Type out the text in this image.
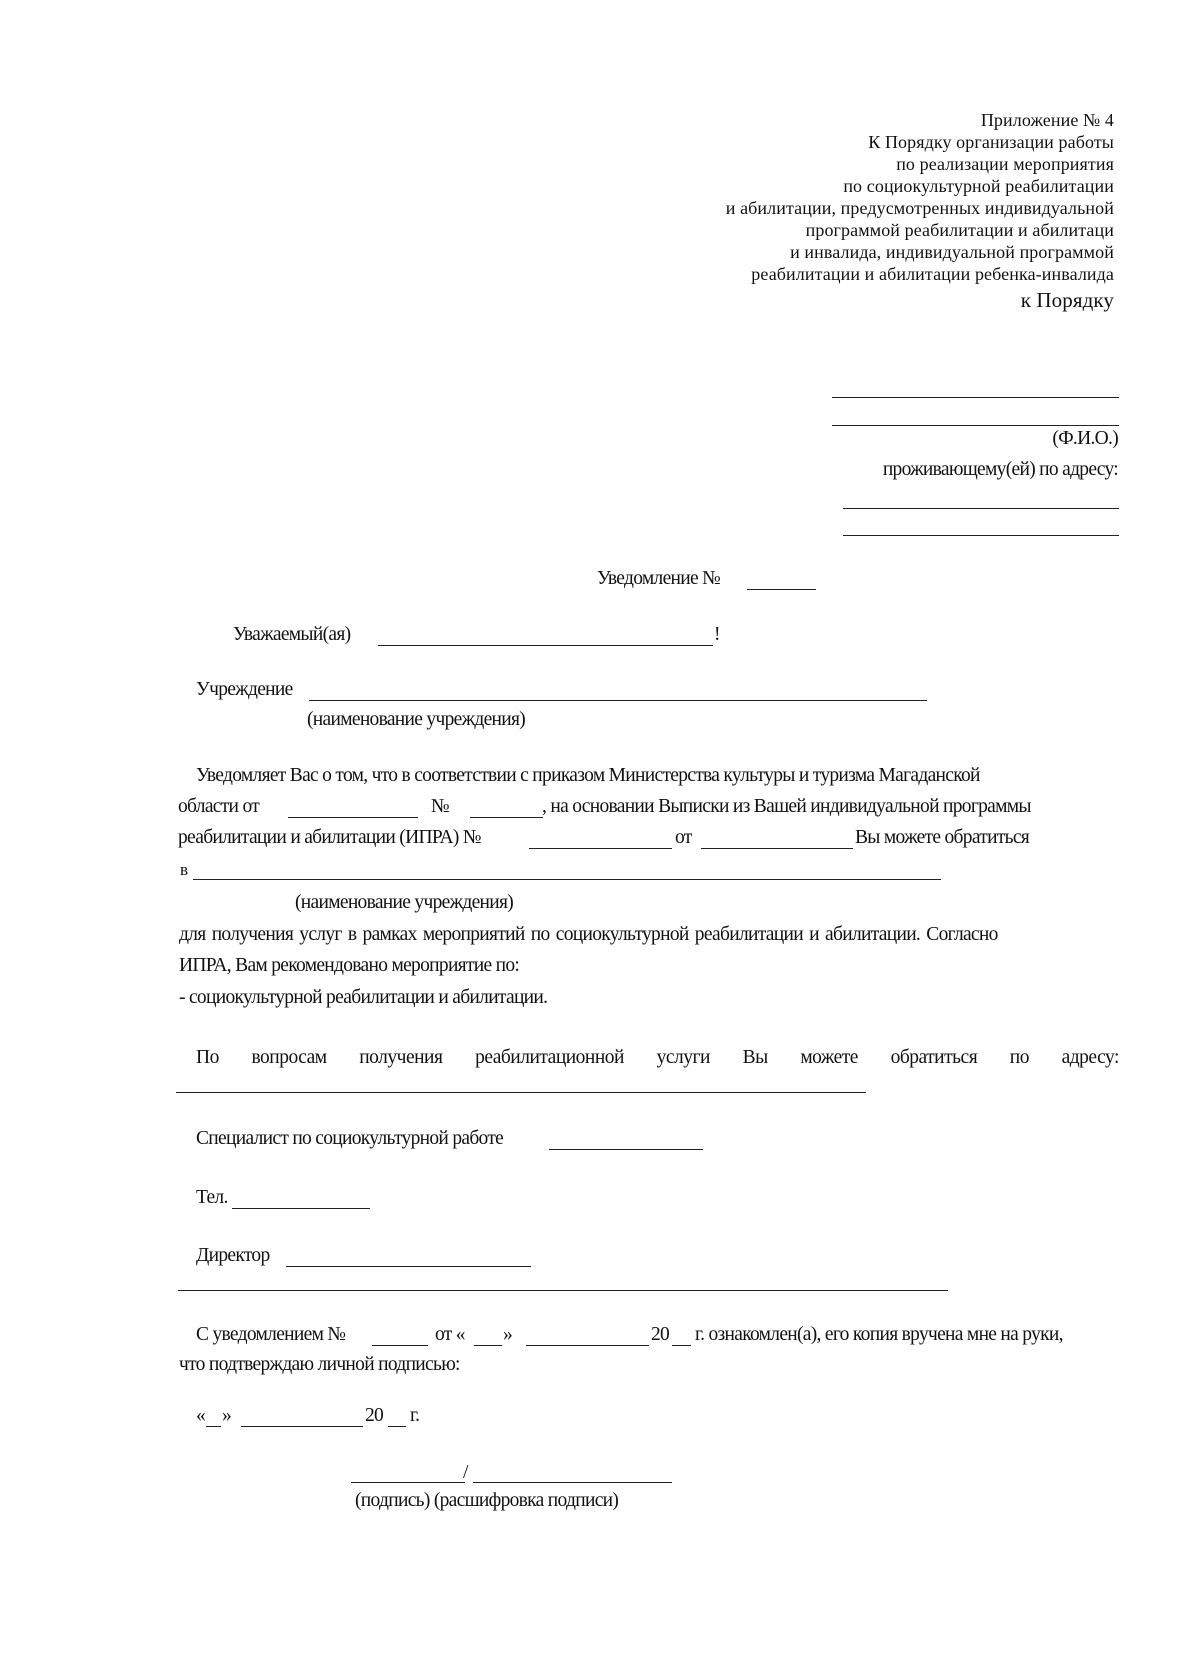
Приложение № 4
К Порядку организации работы
по реализации мероприятия
по социокультурной реабилитации
и абилитации, предусмотренных индивидуальной
программой реабилитации и абилитаци
и инвалида, индивидуальной программой
реабилитации и абилитации ребенка-инвалида
к Порядку
(Ф.И.О.)
проживающему(ей) по адресу:
Уведомление №
Уважаемый(ая)	!
Учреждение
(наименование учреждения)
Уведомляет Вас о том, что в соответствии с приказом Министерства культуры и туризма Магаданской
области от	№	, на основании Выписки из Вашей индивидуальной программы
реабилитации и абилитации (ИПРА) №	от	Вы можете обратиться
в
(наименование учреждения)
для получения услуг в рамках мероприятий по социокультурной реабилитации и абилитации. Согласно
ИПРА, Вам рекомендовано мероприятие по:
- социокультурной реабилитации и абилитации.
По вопросам получения реабилитационной услуги Вы можете обратиться по адресу:
Специалист по социокультурной работе
Тел.
Директор
С уведомлением №	от « »	20 г. ознакомлен(а), его копия вручена мне на руки,
что подтверждаю личной подписью:
« »	20 г.
/
(подпись) (расшифровка подписи)
